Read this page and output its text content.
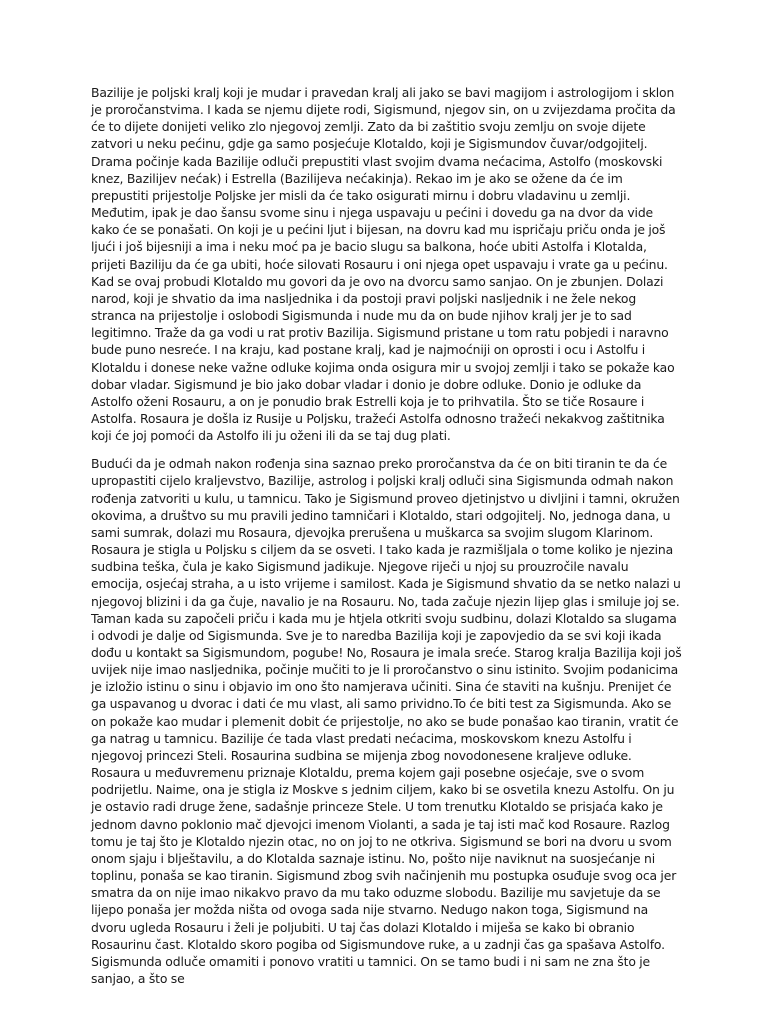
Bazilije je poljski kralj koji je mudar i pravedan kralj ali jako se bavi magijom i astrologijom i sklon je proročanstvima. I kada se njemu dijete rodi, Sigismund, njegov sin, on u zvijezdama pročita da će to dijete donijeti veliko zlo njegovoj zemlji. Zato da bi zaštitio svoju zemlju on svoje dijete zatvori u neku pećinu, gdje ga samo posjećuje Klotaldo, koji je Sigismundov čuvar/odgojitelj. Drama počinje kada Bazilije odluči prepustiti vlast svojim dvama nećacima, Astolfo (moskovski knez, Bazilijev nećak) i Estrella (Bazilijeva nećakinja). Rekao im je ako se ožene da će im prepustiti prijestolje Poljske jer misli da će tako osigurati mirnu i dobru vladavinu u zemlji. Međutim, ipak je dao šansu svome sinu i njega uspavaju u pećini i dovedu ga na dvor da vide kako će se ponašati. On koji je u pećini ljut i bijesan, na dovru kad mu ispričaju priču onda je još ljući i još bijesniji a ima i neku moć pa je bacio slugu sa balkona, hoće ubiti Astolfa i Klotalda, prijeti Baziliju da će ga ubiti, hoće silovati Rosauru i oni njega opet uspavaju i vrate ga u pećinu. Kad se ovaj probudi Klotaldo mu govori da je ovo na dvorcu samo sanjao. On je zbunjen. Dolazi narod, koji je shvatio da ima nasljednika i da postoji pravi poljski nasljednik i ne žele nekog stranca na prijestolje i oslobodi Sigismunda i nude mu da on bude njihov kralj jer je to sad legitimno. Traže da ga vodi u rat protiv Bazilija. Sigismund pristane u tom ratu pobjedi i naravno bude puno nesreće. I na kraju, kad postane kralj, kad je najmoćniji on oprosti i ocu i Astolfu i Klotaldu i donese neke važne odluke kojima onda osigura mir u svojoj zemlji i tako se pokaže kao dobar vladar. Sigismund je bio jako dobar vladar i donio je dobre odluke. Donio je odluke da Astolfo oženi Rosauru, a on je ponudio brak Estrelli koja je to prihvatila. Što se tiče Rosaure i Astolfa. Rosaura je došla iz Rusije u Poljsku, tražeći Astolfa odnosno tražeći nekakvog zaštitnika koji će joj pomoći da Astolfo ili ju oženi ili da se taj dug plati.

Budući da je odmah nakon rođenja sina saznao preko proročanstva da će on biti tiranin te da će upropastiti cijelo kraljevstvo, Bazilije, astrolog i poljski kralj odluči sina Sigismunda odmah nakon rođenja zatvoriti u kulu, u tamnicu. Tako je Sigismund proveo djetinjstvo u divljini i tamni, okružen okovima, a društvo su mu pravili jedino tamničari i Klotaldo, stari odgojitelj. No, jednoga dana, u sami sumrak, dolazi mu Rosaura, djevojka prerušena u muškarca sa svojim slugom Klarinom. Rosaura je stigla u Poljsku s ciljem da se osveti. I tako kada je razmišljala o tome koliko je njezina sudbina teška, čula je kako Sigismund jadikuje. Njegove riječi u njoj su prouzročile navalu emocija, osjećaj straha, a u isto vrijeme i samilost. Kada je Sigismund shvatio da se netko nalazi u njegovoj blizini i da ga čuje, navalio je na Rosauru. No, tada začuje njezin lijep glas i smiluje joj se. Taman kada su započeli priču i kada mu je htjela otkriti svoju sudbinu, dolazi Klotaldo sa slugama i odvodi je dalje od Sigismunda. Sve je to naredba Bazilija koji je zapovjedio da se svi koji ikada dođu u kontakt sa Sigismundom, pogube! No, Rosaura je imala sreće. Starog kralja Bazilija koji još uvijek nije imao nasljednika, počinje mučiti to je li proročanstvo o sinu istinito. Svojim podanicima je izložio istinu o sinu i objavio im ono što namjerava učiniti. Sina će staviti na kušnju. Prenijet će ga uspavanog u dvorac i dati će mu vlast, ali samo prividno.To će biti test za Sigismunda. Ako se on pokaže kao mudar i plemenit dobit će prijestolje, no ako se bude ponašao kao tiranin, vratit će ga natrag u tamnicu. Bazilije će tada vlast predati nećacima, moskovskom knezu Astolfu i njegovoj princezi Steli. Rosaurina sudbina se mijenja zbog novodonesene kraljeve odluke. Rosaura u međuvremenu priznaje Klotaldu, prema kojem gaji posebne osjećaje, sve o svom podrijetlu. Naime, ona je stigla iz Moskve s jednim ciljem, kako bi se osvetila knezu Astolfu. On ju je ostavio radi druge žene, sadašnje princeze Stele. U tom trenutku Klotaldo se prisjaća kako je jednom davno poklonio mač djevojci imenom Violanti, a sada je taj isti mač kod Rosaure. Razlog tomu je taj što je Klotaldo njezin otac, no on joj to ne otkriva. Sigismund se bori na dvoru u svom onom sjaju i blještavilu, a do Klotalda saznaje istinu. No, pošto nije naviknut na suosjećanje ni toplinu, ponaša se kao tiranin. Sigismund zbog svih načinjenih mu postupka osuđuje svog oca jer smatra da on nije imao nikakvo pravo da mu tako oduzme slobodu. Bazilije mu savjetuje da se lijepo ponaša jer možda ništa od ovoga sada nije stvarno. Nedugo nakon toga, Sigismund na dvoru ugleda Rosauru i želi je poljubiti. U taj čas dolazi Klotaldo i miješa se kako bi obranio Rosaurinu čast. Klotaldo skoro pogiba od Sigismundove ruke, a u zadnji čas ga spašava Astolfo. Sigismunda odluče omamiti i ponovo vratiti u tamnici. On se tamo budi i ni sam ne zna što je sanjao, a što se
